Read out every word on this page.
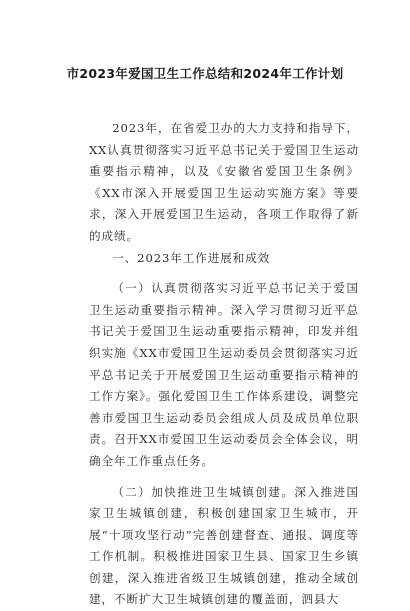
市2023年爱国卫生工作总结和2024年工作计划

2023年，在省爱卫办的大力支持和指导下，XX认真贯彻落实习近平总书记关于爱国卫生运动重要指示精神，以及《安徽省爱国卫生条例》《XX市深入开展爱国卫生运动实施方案》等要求，深入开展爱国卫生运动，各项工作取得了新的成绩。

一、2023年工作进展和成效

（一）认真贯彻落实习近平总书记关于爱国卫生运动重要指示精神。深入学习贯彻习近平总书记关于爱国卫生运动重要指示精神，印发并组织实施《XX市爱国卫生运动委员会贯彻落实习近平总书记关于开展爱国卫生运动重要指示精神的工作方案》。强化爱国卫生工作体系建设，调整完善市爱国卫生运动委员会组成人员及成员单位职责。召开XX市爱国卫生运动委员会全体会议，明确全年工作重点任务。

（二）加快推进卫生城镇创建。深入推进国家卫生城镇创建，积极创建国家卫生城市，开展“十项攻坚行动”完善创建督查、通报、调度等工作机制。积极推进国家卫生县、国家卫生乡镇创建，深入推进省级卫生城镇创建，推动全域创建，不断扩大卫生城镇创建的覆盖面，泗县大
